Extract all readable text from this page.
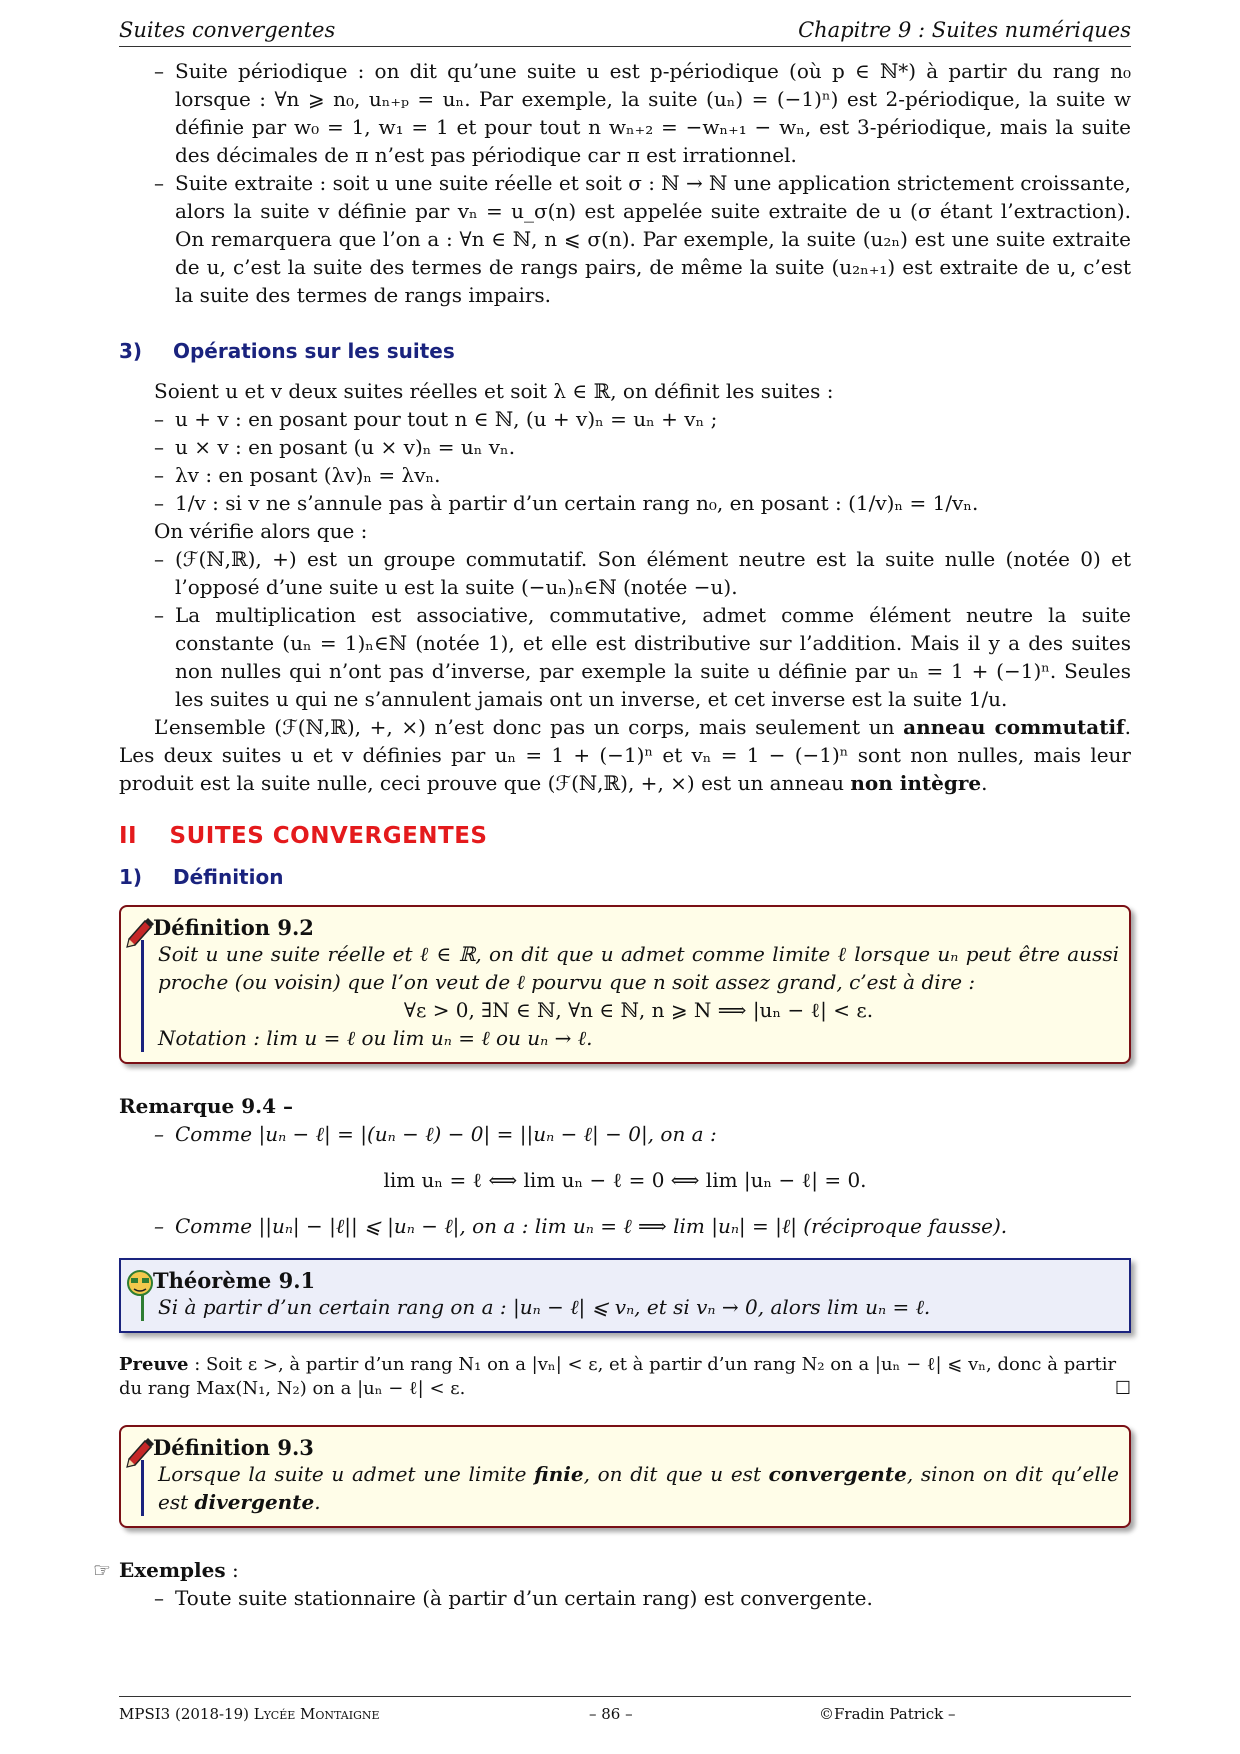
Suites convergentes	Chapitre 9 : Suites numériques
– Suite périodique : on dit qu’une suite u est p-périodique (où p ∈ ℕ*) à partir du rang n₀ lorsque : ∀n ⩾ n₀, uₙ₊ₚ = uₙ. Par exemple, la suite (uₙ) = (−1)ⁿ) est 2-périodique, la suite w définie par w₀ = 1, w₁ = 1 et pour tout n wₙ₊₂ = −wₙ₊₁ − wₙ, est 3-périodique, mais la suite des décimales de π n’est pas périodique car π est irrationnel.
– Suite extraite : soit u une suite réelle et soit σ : ℕ → ℕ une application strictement croissante, alors la suite v définie par vₙ = u_σ(n) est appelée suite extraite de u (σ étant l’extraction). On remarquera que l’on a : ∀n ∈ ℕ, n ⩽ σ(n). Par exemple, la suite (u₂ₙ) est une suite extraite de u, c’est la suite des termes de rangs pairs, de même la suite (u₂ₙ₊₁) est extraite de u, c’est la suite des termes de rangs impairs.
3) Opérations sur les suites
Soient u et v deux suites réelles et soit λ ∈ ℝ, on définit les suites :
– u + v : en posant pour tout n ∈ ℕ, (u + v)ₙ = uₙ + vₙ ;
– u × v : en posant (u × v)ₙ = uₙ vₙ.
– λv : en posant (λv)ₙ = λvₙ.
– 1/v : si v ne s’annule pas à partir d’un certain rang n₀, en posant : (1/v)ₙ = 1/vₙ.
On vérifie alors que :
– (ℱ(ℕ,ℝ), +) est un groupe commutatif. Son élément neutre est la suite nulle (notée 0) et l’opposé d’une suite u est la suite (−uₙ)ₙ∈ℕ (notée −u).
– La multiplication est associative, commutative, admet comme élément neutre la suite constante (uₙ = 1)ₙ∈ℕ (notée 1), et elle est distributive sur l’addition. Mais il y a des suites non nulles qui n’ont pas d’inverse, par exemple la suite u définie par uₙ = 1 + (−1)ⁿ. Seules les suites u qui ne s’annulent jamais ont un inverse, et cet inverse est la suite 1/u.
L’ensemble (ℱ(ℕ,ℝ), +, ×) n’est donc pas un corps, mais seulement un anneau commutatif. Les deux suites u et v définies par uₙ = 1 + (−1)ⁿ et vₙ = 1 − (−1)ⁿ sont non nulles, mais leur produit est la suite nulle, ceci prouve que (ℱ(ℕ,ℝ), +, ×) est un anneau non intègre.
II SUITES CONVERGENTES
1) Définition
Définition 9.2
Soit u une suite réelle et ℓ ∈ ℝ, on dit que u admet comme limite ℓ lorsque uₙ peut être aussi proche (ou voisin) que l’on veut de ℓ pourvu que n soit assez grand, c’est à dire :
∀ε > 0, ∃N ∈ ℕ, ∀n ∈ ℕ, n ⩾ N ⟹ |uₙ − ℓ| < ε.
Notation : lim u = ℓ ou lim uₙ = ℓ ou uₙ → ℓ.
Remarque 9.4 –
– Comme |uₙ − ℓ| = |(uₙ − ℓ) − 0| = ||uₙ − ℓ| − 0|, on a :
lim uₙ = ℓ ⟺ lim uₙ − ℓ = 0 ⟺ lim |uₙ − ℓ| = 0.
– Comme ||uₙ| − |ℓ|| ⩽ |uₙ − ℓ|, on a : lim uₙ = ℓ ⟹ lim |uₙ| = |ℓ| (réciproque fausse).
Théorème 9.1
Si à partir d’un certain rang on a : |uₙ − ℓ| ⩽ vₙ, et si vₙ → 0, alors lim uₙ = ℓ.
Preuve : Soit ε >, à partir d’un rang N₁ on a |vₙ| < ε, et à partir d’un rang N₂ on a |uₙ − ℓ| ⩽ vₙ, donc à partir du rang Max(N₁, N₂) on a |uₙ − ℓ| < ε.	☐
Définition 9.3
Lorsque la suite u admet une limite finie, on dit que u est convergente, sinon on dit qu’elle est divergente.
☞ Exemples :
– Toute suite stationnaire (à partir d’un certain rang) est convergente.
MPSI3 (2018-19) Lycée Montaigne	– 86 –	©Fradin Patrick –
